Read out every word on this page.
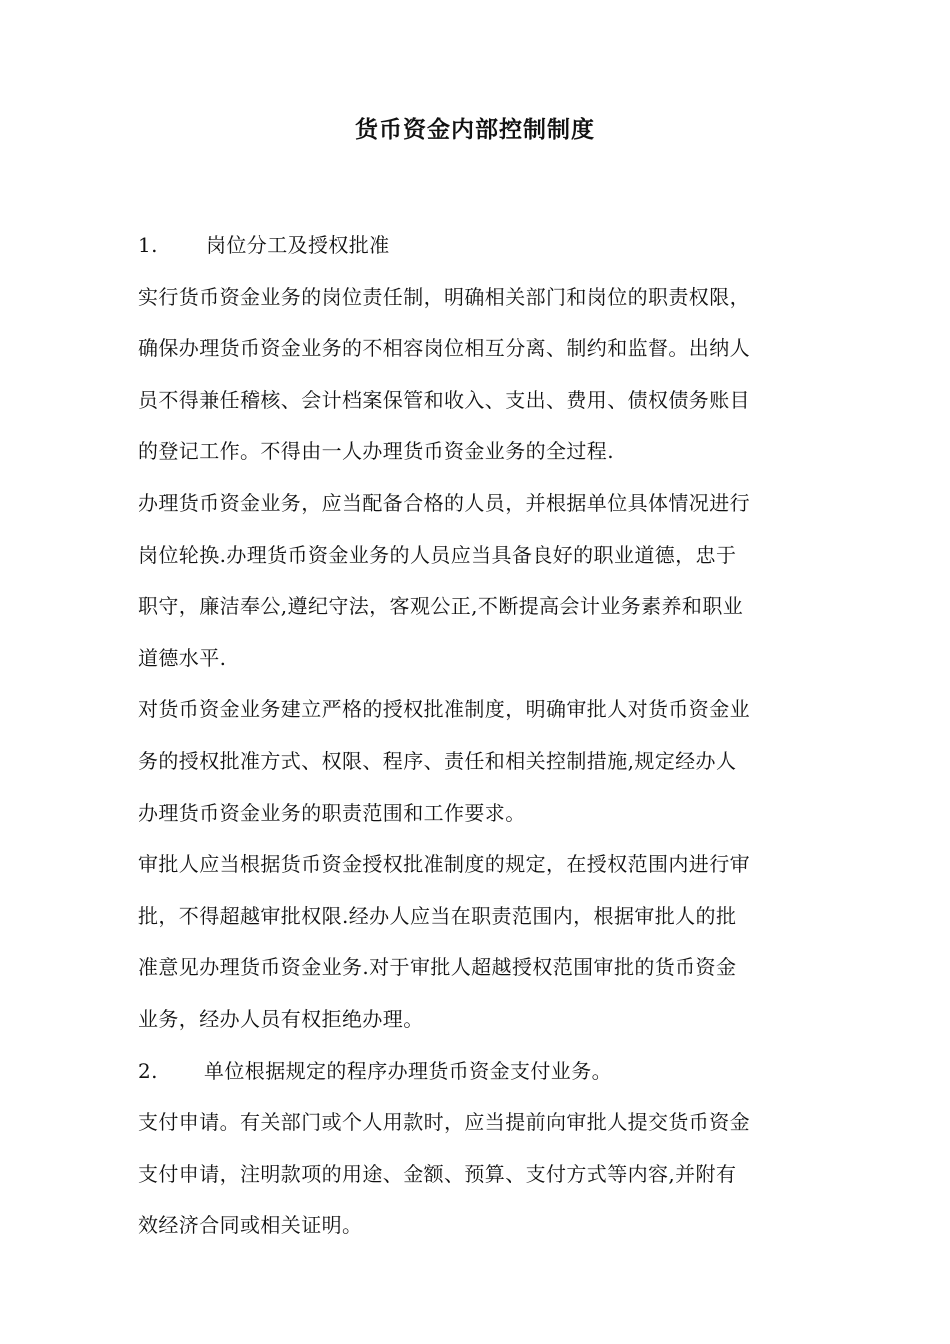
货币资金内部控制制度
1.	岗位分工及授权批准
实行货币资金业务的岗位责任制，明确相关部门和岗位的职责权限，
确保办理货币资金业务的不相容岗位相互分离、制约和监督。出纳人
员不得兼任稽核、会计档案保管和收入、支出、费用、债权债务账目
的登记工作。不得由一人办理货币资金业务的全过程.
办理货币资金业务，应当配备合格的人员，并根据单位具体情况进行
岗位轮换.办理货币资金业务的人员应当具备良好的职业道德，忠于
职守，廉洁奉公,遵纪守法，客观公正,不断提高会计业务素养和职业
道德水平.
对货币资金业务建立严格的授权批准制度，明确审批人对货币资金业
务的授权批准方式、权限、程序、责任和相关控制措施,规定经办人
办理货币资金业务的职责范围和工作要求。
审批人应当根据货币资金授权批准制度的规定，在授权范围内进行审
批，不得超越审批权限.经办人应当在职责范围内，根据审批人的批
准意见办理货币资金业务.对于审批人超越授权范围审批的货币资金
业务，经办人员有权拒绝办理。
2.	单位根据规定的程序办理货币资金支付业务。
支付申请。有关部门或个人用款时，应当提前向审批人提交货币资金
支付申请，注明款项的用途、金额、预算、支付方式等内容,并附有
效经济合同或相关证明。
